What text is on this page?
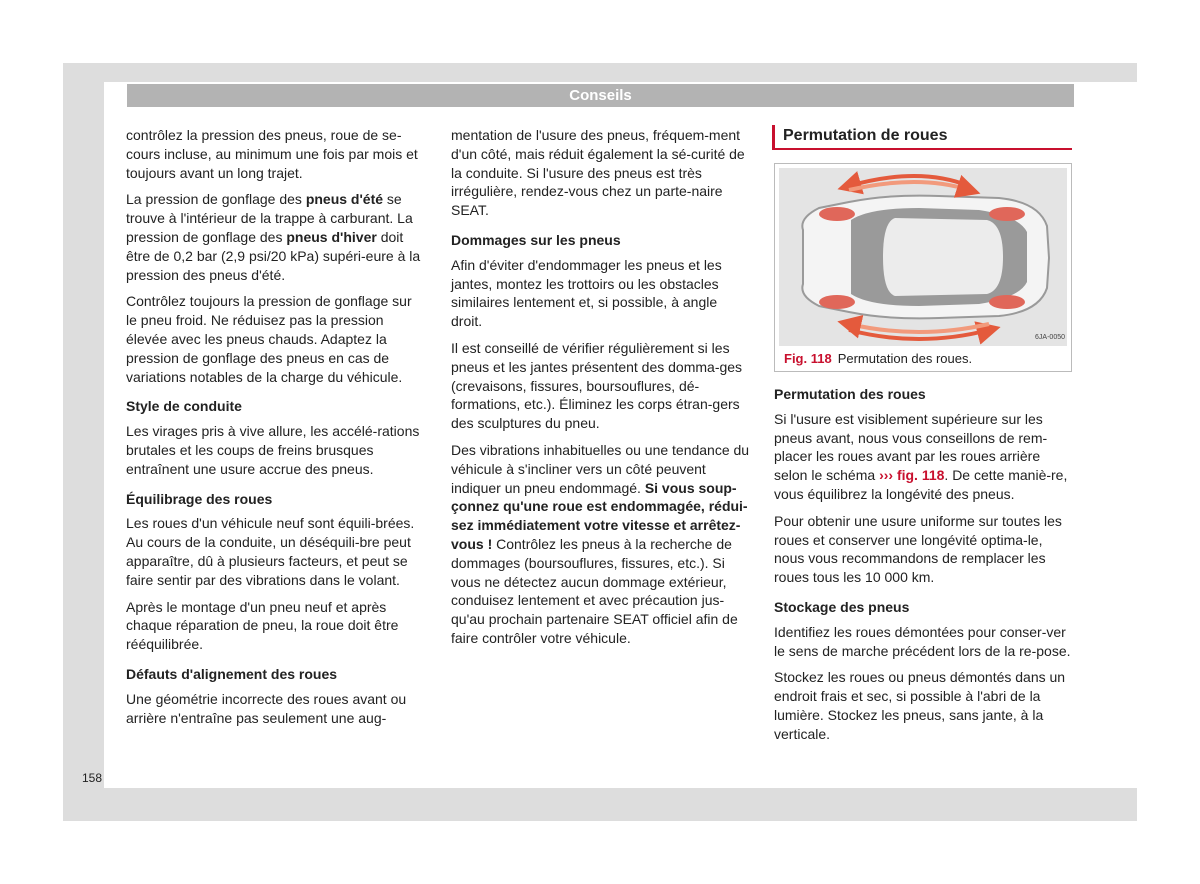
Conseils

contrôlez la pression des pneus, roue de se-cours incluse, au minimum une fois par mois et toujours avant un long trajet.

La pression de gonflage des pneus d'été se trouve à l'intérieur de la trappe à carburant. La pression de gonflage des pneus d'hiver doit être de 0,2 bar (2,9 psi/20 kPa) supéri-eure à la pression des pneus d'été.

Contrôlez toujours la pression de gonflage sur le pneu froid. Ne réduisez pas la pression élevée avec les pneus chauds. Adaptez la pression de gonflage des pneus en cas de variations notables de la charge du véhicule.

Style de conduite

Les virages pris à vive allure, les accélé-rations brutales et les coups de freins brusques entraînent une usure accrue des pneus.

Équilibrage des roues

Les roues d'un véhicule neuf sont équili-brées. Au cours de la conduite, un déséquili-bre peut apparaître, dû à plusieurs facteurs, et peut se faire sentir par des vibrations dans le volant.

Après le montage d'un pneu neuf et après chaque réparation de pneu, la roue doit être rééquilibrée.

Défauts d'alignement des roues

Une géométrie incorrecte des roues avant ou arrière n'entraîne pas seulement une aug-

mentation de l'usure des pneus, fréquem-ment d'un côté, mais réduit également la sé-curité de la conduite. Si l'usure des pneus est très irrégulière, rendez-vous chez un parte-naire SEAT.

Dommages sur les pneus

Afin d'éviter d'endommager les pneus et les jantes, montez les trottoirs ou les obstacles similaires lentement et, si possible, à angle droit.

Il est conseillé de vérifier régulièrement si les pneus et les jantes présentent des domma-ges (crevaisons, fissures, boursouflures, dé-formations, etc.). Éliminez les corps étran-gers des sculptures du pneu.

Des vibrations inhabituelles ou une tendance du véhicule à s'incliner vers un côté peuvent indiquer un pneu endommagé. Si vous soup-çonnez qu'une roue est endommagée, rédui-sez immédiatement votre vitesse et arrêtez-vous ! Contrôlez les pneus à la recherche de dommages (boursouflures, fissures, etc.). Si vous ne détectez aucun dommage extérieur, conduisez lentement et avec précaution jus-qu'au prochain partenaire SEAT officiel afin de faire contrôler votre véhicule.

Permutation de roues
6JA-0050
Fig. 118 Permutation des roues.
Permutation des roues

Si l'usure est visiblement supérieure sur les pneus avant, nous vous conseillons de rem-placer les roues avant par les roues arrière selon le schéma ››› fig. 118. De cette maniè-re, vous équilibrez la longévité des pneus.

Pour obtenir une usure uniforme sur toutes les roues et conserver une longévité optima-le, nous vous recommandons de remplacer les roues tous les 10 000 km.

Stockage des pneus

Identifiez les roues démontées pour conser-ver le sens de marche précédent lors de la re-pose.

Stockez les roues ou pneus démontés dans un endroit frais et sec, si possible à l'abri de la lumière. Stockez les pneus, sans jante, à la verticale.

158
